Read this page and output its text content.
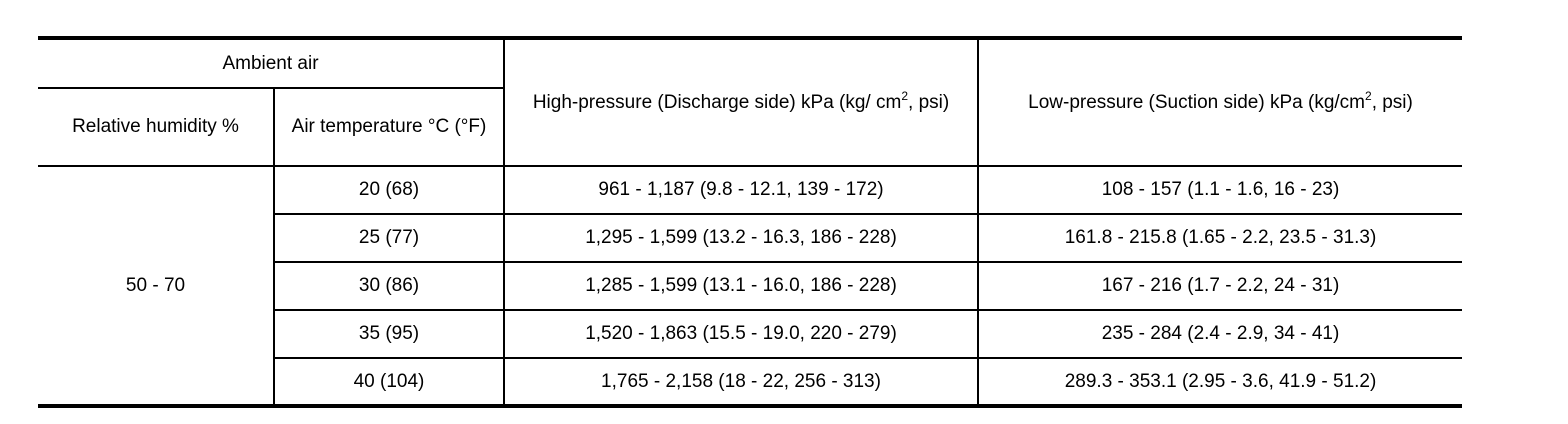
Ambient air		High-pressure (Discharge side) kPa (kg/ $cm^2$, psi)	Low-pressure (Suction side) kPa ($kg/cm^2$, psi)
Relative humidity %	Air temperature °C (°F)		
50 - 70	20 (68)	961 - 1,187 (9.8 - 12.1, 139 - 172)	108 - 157 (1.1 - 1.6, 16 - 23)
	25 (77)	1,295 - 1,599 (13.2 - 16.3, 186 - 228)	161.8 - 215.8 (1.65 - 2.2, 23.5 - 31.3)
	30 (86)	1,285 - 1,599 (13.1 - 16.0, 186 - 228)	167 - 216 (1.7 - 2.2, 24 - 31)
	35 (95)	1,520 - 1,863 (15.5 - 19.0, 220 - 279)	235 - 284 (2.4 - 2.9, 34 - 41)
	40 (104)	1,765 - 2,158 (18 - 22, 256 - 313)	289.3 - 353.1 (2.95 - 3.6, 41.9 - 51.2)
